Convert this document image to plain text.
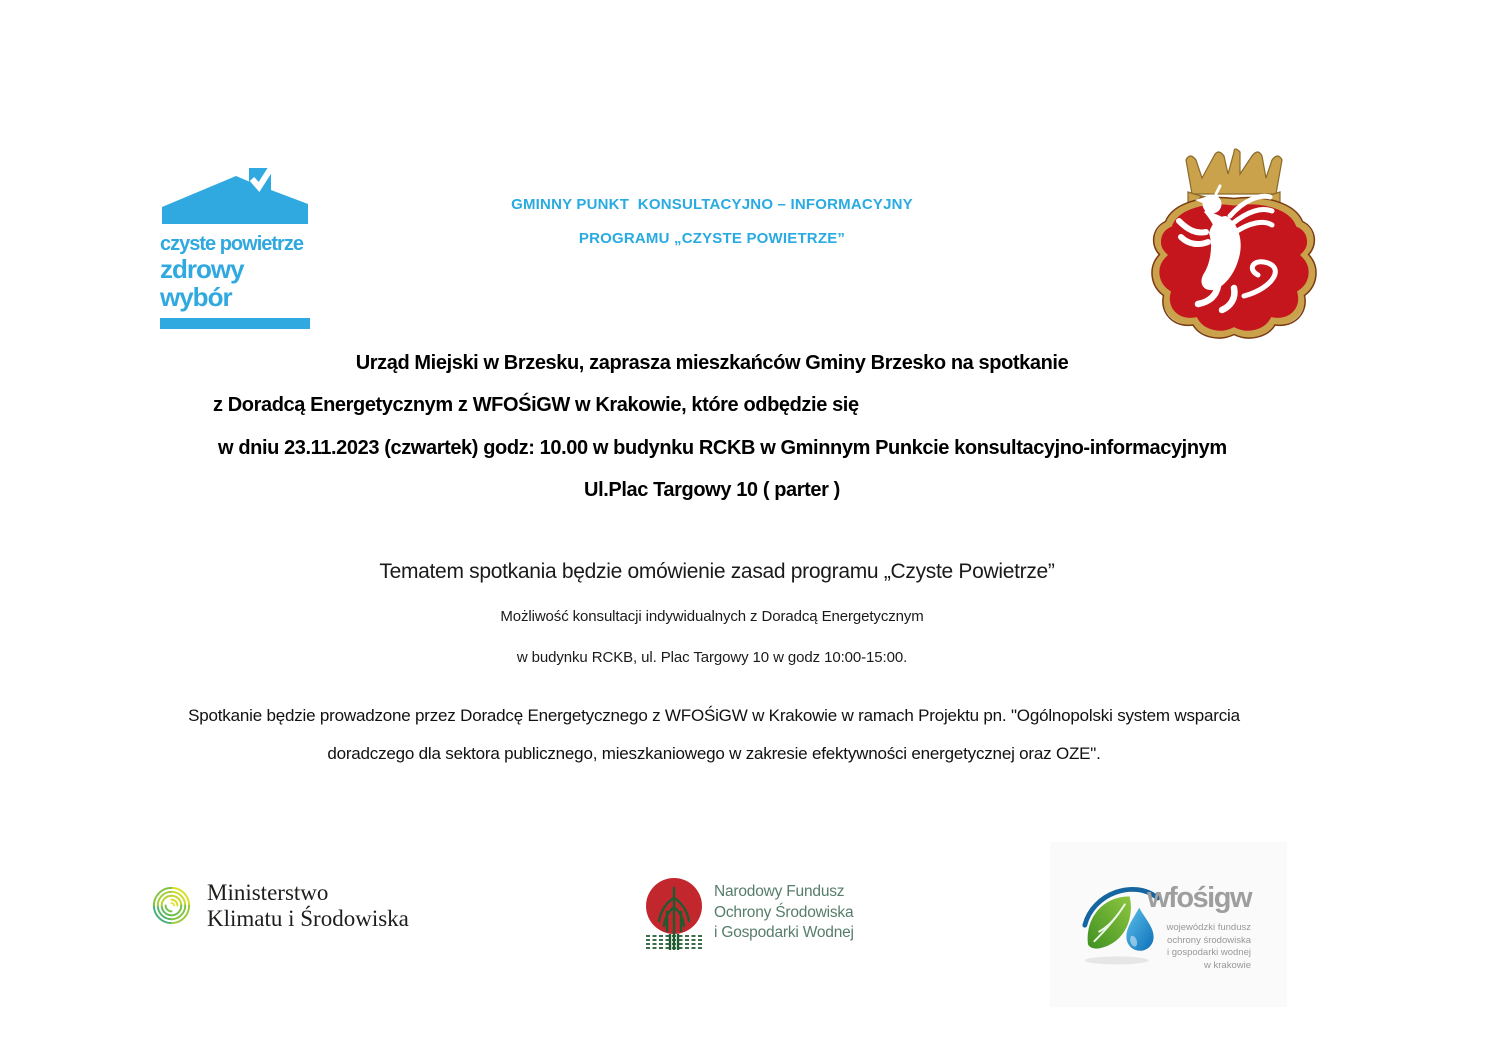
czyste powietrze
zdrowy wybór
GMINNY PUNKT  KONSULTACYJNO – INFORMACYJNY
PROGRAMU „CZYSTE POWIETRZE”
Urząd Miejski w Brzesku, zaprasza mieszkańców Gminy Brzesko na spotkanie
z Doradcą Energetycznym z WFOŚiGW w Krakowie, które odbędzie się
w dniu 23.11.2023 (czwartek) godz: 10.00 w budynku RCKB w Gminnym Punkcie konsultacyjno-informacyjnym
Ul.Plac Targowy 10 ( parter )
Tematem spotkania będzie omówienie zasad programu „Czyste Powietrze”
Możliwość konsultacji indywidualnych z Doradcą Energetycznym
w budynku RCKB, ul. Plac Targowy 10 w godz 10:00-15:00.
Spotkanie będzie prowadzone przez Doradcę Energetycznego z WFOŚiGW w Krakowie w ramach Projektu pn. "Ogólnopolski system wsparcia
doradczego dla sektora publicznego, mieszkaniowego w zakresie efektywności energetycznej oraz OZE".
Ministerstwo
Klimatu i Środowiska
Narodowy Fundusz
Ochrony Środowiska
i Gospodarki Wodnej
wfośigw
wojewódzki fundusz
ochrony środowiska
i gospodarki wodnej
w krakowie
